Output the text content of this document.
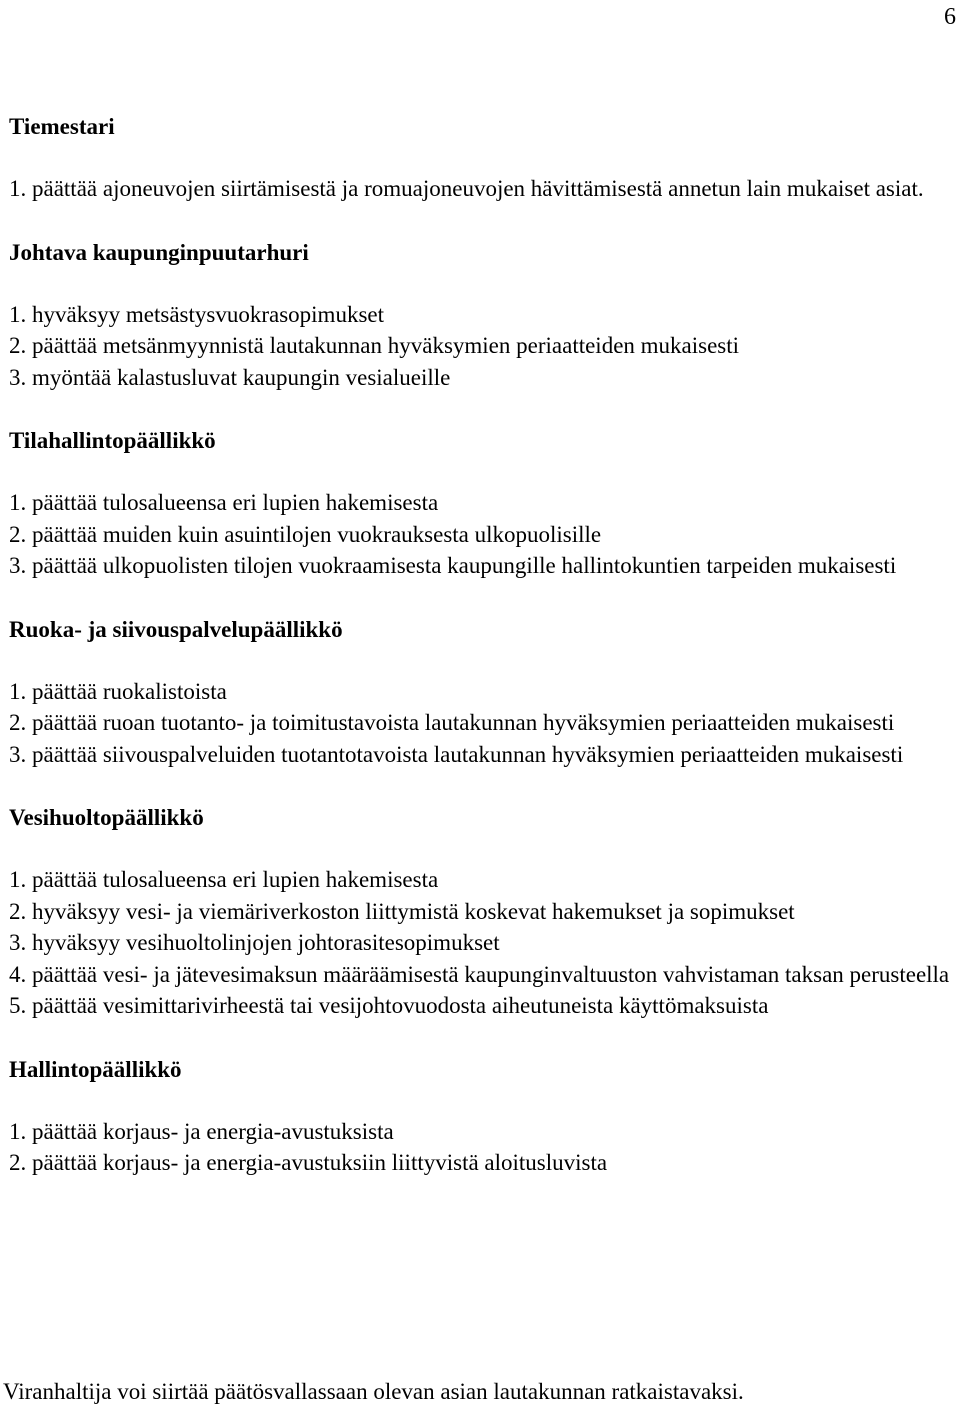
6
Tiemestari
1. päättää ajoneuvojen siirtämisestä ja romuajoneuvojen hävittämisestä annetun lain mukaiset asiat.
Johtava kaupunginpuutarhuri
1. hyväksyy metsästysvuokrasopimukset
2. päättää metsänmyynnistä lautakunnan hyväksymien periaatteiden mukaisesti
3. myöntää kalastusluvat kaupungin vesialueille
Tilahallintopäällikkö
1. päättää tulosalueensa eri lupien hakemisesta
2. päättää muiden kuin asuintilojen vuokrauksesta ulkopuolisille
3. päättää ulkopuolisten tilojen vuokraamisesta kaupungille hallintokuntien tarpeiden mukaisesti
Ruoka- ja siivouspalvelupäällikkö
1. päättää ruokalistoista
2. päättää ruoan tuotanto- ja toimitustavoista lautakunnan hyväksymien periaatteiden mukaisesti
3. päättää siivouspalveluiden tuotantotavoista lautakunnan hyväksymien periaatteiden mukaisesti
Vesihuoltopäällikkö
1. päättää tulosalueensa eri lupien hakemisesta
2. hyväksyy vesi- ja viemäriverkoston liittymistä koskevat hakemukset ja sopimukset
3. hyväksyy vesihuoltolinjojen johtorasitesopimukset
4. päättää vesi- ja jätevesimaksun määräämisestä kaupunginvaltuuston vahvistaman taksan perusteella
5. päättää vesimittarivirheestä tai vesijohtovuodosta aiheutuneista käyttömaksuista
Hallintopäällikkö
1. päättää korjaus- ja energia-avustuksista
2. päättää korjaus- ja energia-avustuksiin liittyvistä aloitusluvista
Viranhaltija voi siirtää päätösvallassaan olevan asian lautakunnan ratkaistavaksi.
